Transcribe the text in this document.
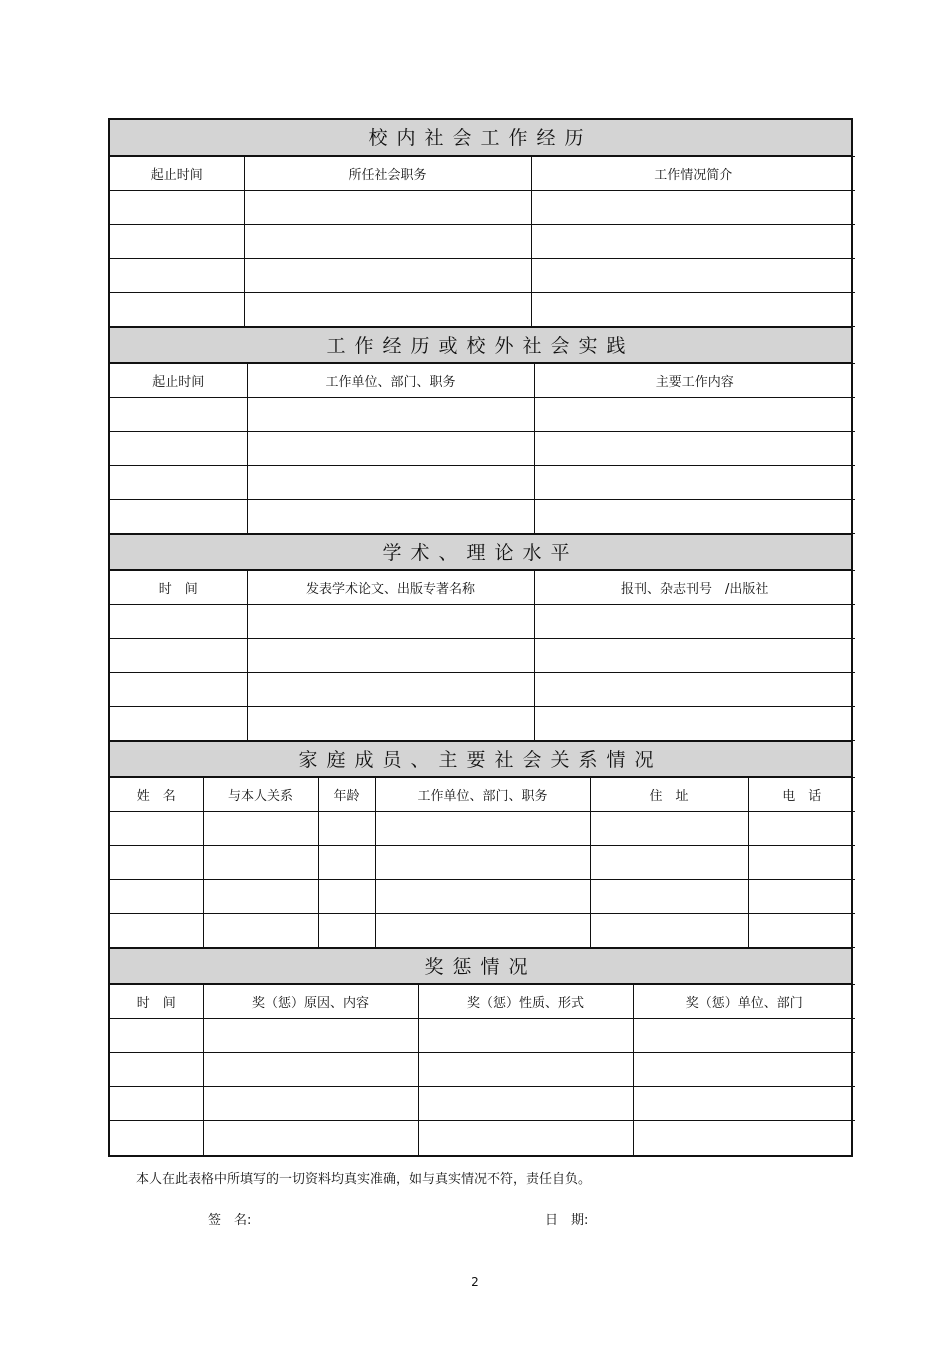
校内社会工作经历
起止时间	所任社会职务	工作情况简介

工作经历或校外社会实践
起止时间	工作单位、部门、职务	主要工作内容

学术、理论水平
时　间	发表学术论文、出版专著名称	报刊、杂志刊号　/出版社

家庭成员、主要社会关系情况
姓　名	与本人关系	年龄	工作单位、部门、职务	住　址	电　话

奖惩情况
时　间	奖（惩）原因、内容	奖（惩）性质、形式	奖（惩）单位、部门

本人在此表格中所填写的一切资料均真实准确，如与真实情况不符，责任自负。
签　名:	日　期:
2
